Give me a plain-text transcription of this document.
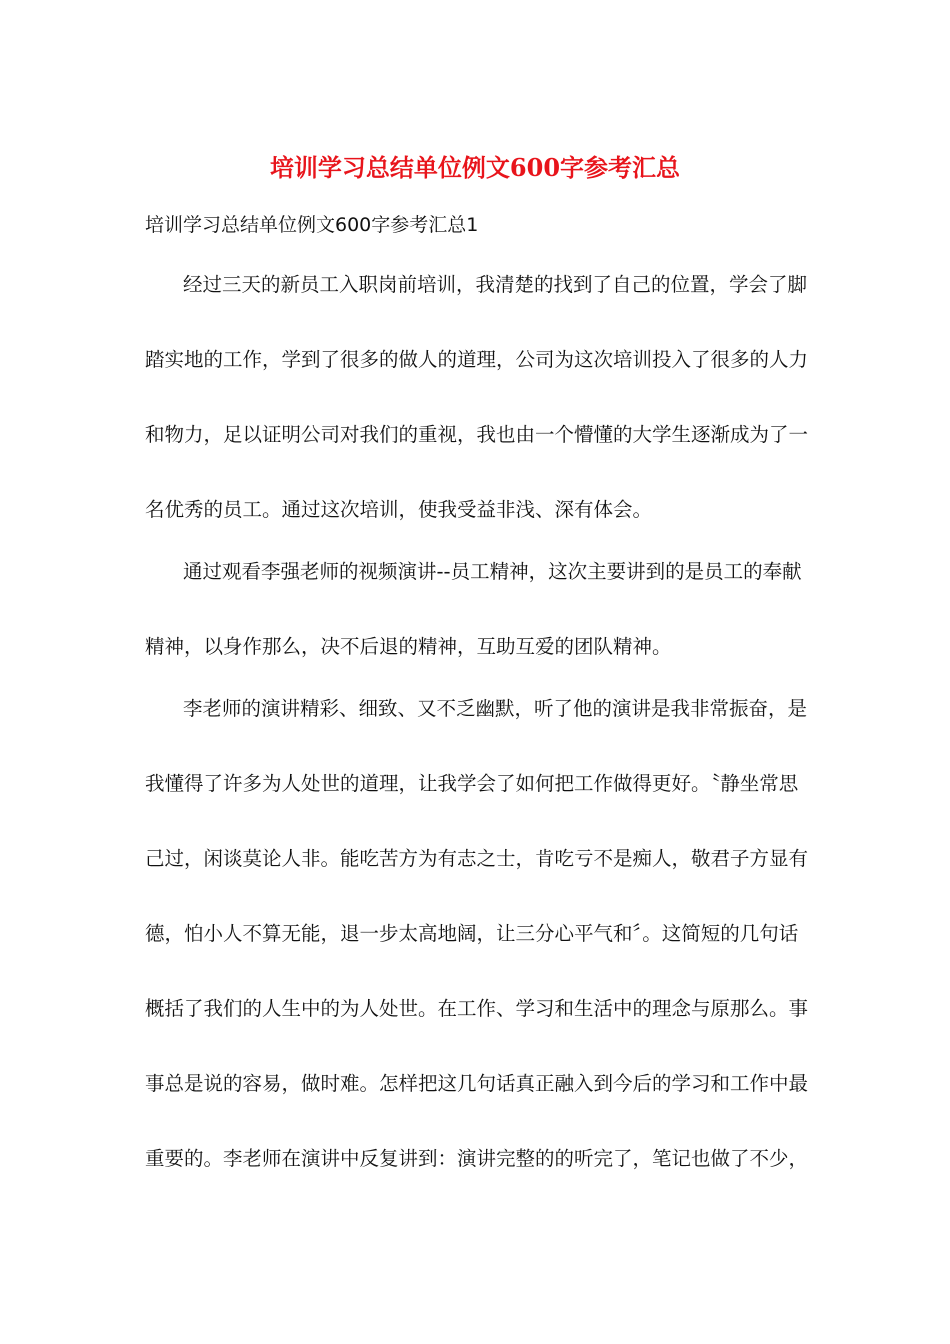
培训学习总结单位例文600字参考汇总
培训学习总结单位例文600字参考汇总1
经过三天的新员工入职岗前培训，我清楚的找到了自己的位置，学会了脚
踏实地的工作，学到了很多的做人的道理，公司为这次培训投入了很多的人力
和物力，足以证明公司对我们的重视，我也由一个懵懂的大学生逐渐成为了一
名优秀的员工。通过这次培训，使我受益非浅、深有体会。
通过观看李强老师的视频演讲--员工精神，这次主要讲到的是员工的奉献
精神，以身作那么，决不后退的精神，互助互爱的团队精神。
李老师的演讲精彩、细致、又不乏幽默，听了他的演讲是我非常振奋，是
我懂得了许多为人处世的道理，让我学会了如何把工作做得更好。〝静坐常思
己过，闲谈莫论人非。能吃苦方为有志之士，肯吃亏不是痴人，敬君子方显有
德，怕小人不算无能，退一步太高地阔，让三分心平气和〞。这简短的几句话
概括了我们的人生中的为人处世。在工作、学习和生活中的理念与原那么。事
事总是说的容易，做时难。怎样把这几句话真正融入到今后的学习和工作中最
重要的。李老师在演讲中反复讲到：演讲完整的的听完了，笔记也做了不少，
